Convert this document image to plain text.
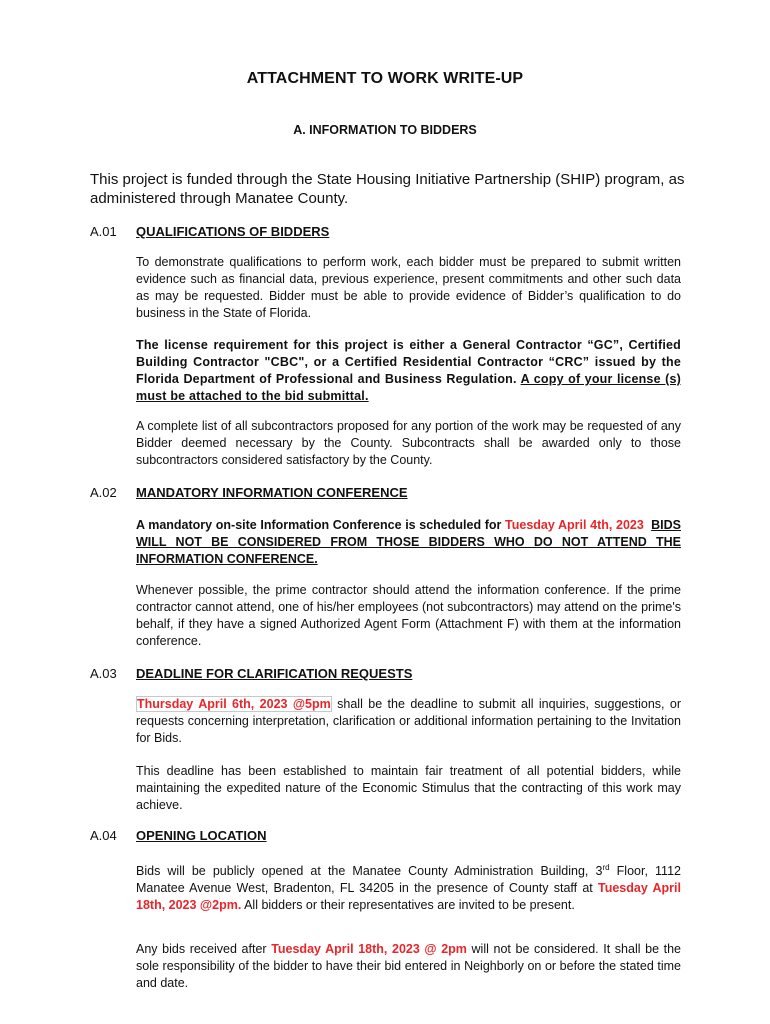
ATTACHMENT TO WORK WRITE-UP
A. INFORMATION TO BIDDERS
This project is funded through the State Housing Initiative Partnership (SHIP) program, as administered through Manatee County.
A.01 QUALIFICATIONS OF BIDDERS
To demonstrate qualifications to perform work, each bidder must be prepared to submit written evidence such as financial data, previous experience, present commitments and other such data as may be requested. Bidder must be able to provide evidence of Bidder’s qualification to do business in the State of Florida.
The license requirement for this project is either a General Contractor “GC”, Certified Building Contractor "CBC", or a Certified Residential Contractor “CRC” issued by the Florida Department of Professional and Business Regulation. A copy of your license (s) must be attached to the bid submittal.
A complete list of all subcontractors proposed for any portion of the work may be requested of any Bidder deemed necessary by the County. Subcontracts shall be awarded only to those subcontractors considered satisfactory by the County.
A.02 MANDATORY INFORMATION CONFERENCE
A mandatory on-site Information Conference is scheduled for Tuesday April 4th, 2023 BIDS WILL NOT BE CONSIDERED FROM THOSE BIDDERS WHO DO NOT ATTEND THE INFORMATION CONFERENCE.
Whenever possible, the prime contractor should attend the information conference. If the prime contractor cannot attend, one of his/her employees (not subcontractors) may attend on the prime's behalf, if they have a signed Authorized Agent Form (Attachment F) with them at the information conference.
A.03 DEADLINE FOR CLARIFICATION REQUESTS
Thursday April 6th, 2023 @5pm shall be the deadline to submit all inquiries, suggestions, or requests concerning interpretation, clarification or additional information pertaining to the Invitation for Bids.
This deadline has been established to maintain fair treatment of all potential bidders, while maintaining the expedited nature of the Economic Stimulus that the contracting of this work may achieve.
A.04 OPENING LOCATION
Bids will be publicly opened at the Manatee County Administration Building, 3rd Floor, 1112 Manatee Avenue West, Bradenton, FL 34205 in the presence of County staff at Tuesday April 18th, 2023 @2pm. All bidders or their representatives are invited to be present.
Any bids received after Tuesday April 18th, 2023 @ 2pm will not be considered. It shall be the sole responsibility of the bidder to have their bid entered in Neighborly on or before the stated time and date.
